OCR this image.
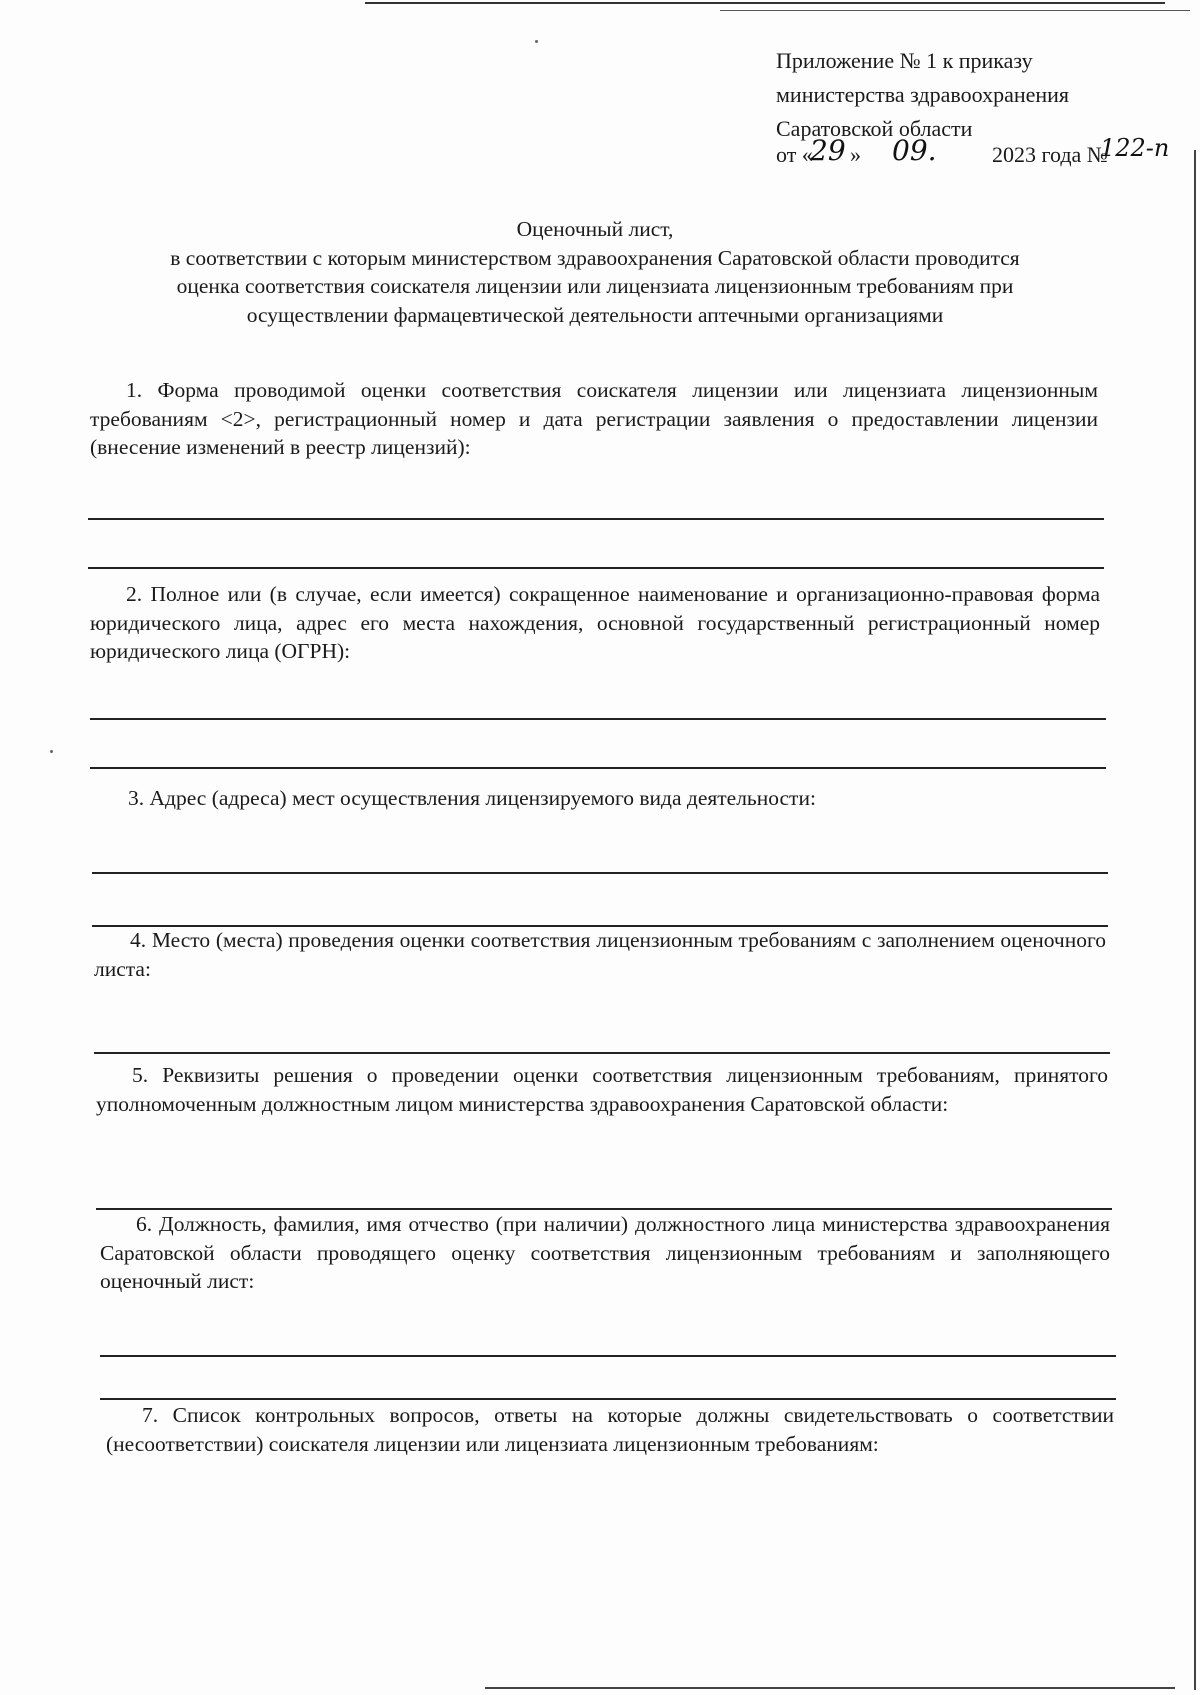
Приложение № 1 к приказу
министерства здравоохранения
Саратовской области
от «
29 » 09.	2023 года №
122-п
Оценочный лист,
в соответствии с которым министерством здравоохранения Саратовской области проводится
оценка соответствия соискателя лицензии или лицензиата лицензионным требованиям при
осуществлении фармацевтической деятельности аптечными организациями

1. Форма проводимой оценки соответствия соискателя лицензии или лицензиата лицензионным требованиям <2>, регистрационный номер и дата регистрации заявления о предоставлении лицензии (внесение изменений в реестр лицензий):

2. Полное или (в случае, если имеется) сокращенное наименование и организационно-правовая форма юридического лица, адрес его места нахождения, основной государственный регистрационный номер юридического лица (ОГРН):

3. Адрес (адреса) мест осуществления лицензируемого вида деятельности:

4. Место (места) проведения оценки соответствия лицензионным требованиям с заполнением оценочного листа:

5. Реквизиты решения о проведении оценки соответствия лицензионным требованиям, принятого уполномоченным должностным лицом министерства здравоохранения Саратовской области:

6. Должность, фамилия, имя отчество (при наличии) должностного лица министерства здравоохранения Саратовской области проводящего оценку соответствия лицензионным требованиям и заполняющего оценочный лист:

7. Список контрольных вопросов, ответы на которые должны свидетельствовать о соответствии (несоответствии) соискателя лицензии или лицензиата лицензионным требованиям:
